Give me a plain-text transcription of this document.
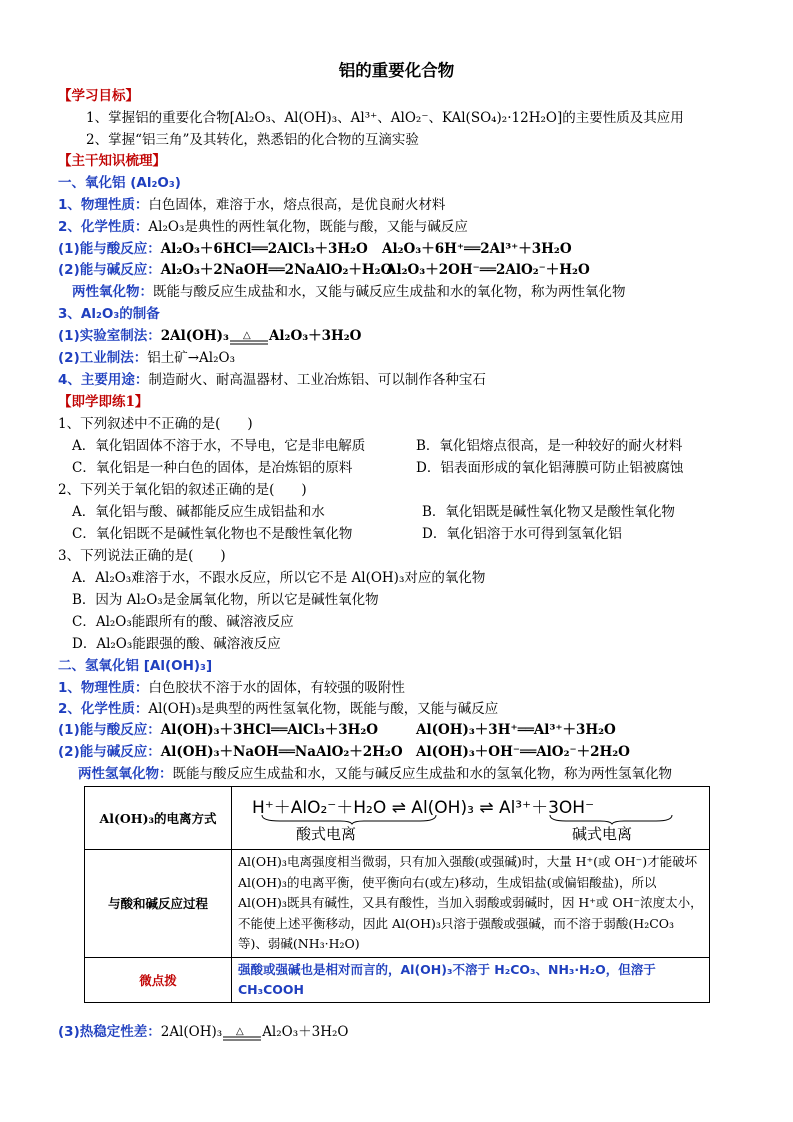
铝的重要化合物
【学习目标】
1、掌握铝的重要化合物[Al₂O₃、Al(OH)₃、Al³⁺、AlO₂⁻、KAl(SO₄)₂·12H₂O]的主要性质及其应用
2、掌握“铝三角”及其转化，熟悉铝的化合物的互滴实验
【主干知识梳理】
一、氧化铝 (Al₂O₃)
1、物理性质：白色固体，难溶于水，熔点很高，是优良耐火材料
2、化学性质：Al₂O₃是典性的两性氧化物，既能与酸，又能与碱反应
(1)能与酸反应：Al₂O₃＋6HCl══2AlCl₃＋3H₂O Al₂O₃＋6H⁺══2Al³⁺＋3H₂O
(2)能与碱反应：Al₂O₃＋2NaOH══2NaAlO₂＋H₂O
Al₂O₃＋2OH⁻══2AlO₂⁻＋H₂O
两性氧化物：既能与酸反应生成盐和水，又能与碱反应生成盐和水的氧化物，称为两性氧化物
3、Al₂O₃的制备
(1)实验室制法：2Al(OH)₃ △ Al₂O₃＋3H₂O
(2)工业制法：铝土矿→Al₂O₃
4、主要用途：制造耐火、耐高温器材、工业冶炼铝、可以制作各种宝石
【即学即练1】
1、下列叙述中不正确的是(　　)
A．氧化铝固体不溶于水，不导电，它是非电解质	B．氧化铝熔点很高，是一种较好的耐火材料
C．氧化铝是一种白色的固体，是冶炼铝的原料	D．铝表面形成的氧化铝薄膜可防止铝被腐蚀
2、下列关于氧化铝的叙述正确的是(　　)
A．氧化铝与酸、碱都能反应生成铝盐和水	B．氧化铝既是碱性氧化物又是酸性氧化物
C．氧化铝既不是碱性氧化物也不是酸性氧化物	D．氧化铝溶于水可得到氢氧化铝
3、下列说法正确的是(　　)
A．Al₂O₃难溶于水，不跟水反应，所以它不是 Al(OH)₃对应的氧化物
B．因为 Al₂O₃是金属氧化物，所以它是碱性氧化物
C．Al₂O₃能跟所有的酸、碱溶液反应
D．Al₂O₃能跟强的酸、碱溶液反应
二、氢氧化铝 [Al(OH)₃]
1、物理性质：白色胶状不溶于水的固体，有较强的吸附性
2、化学性质：Al(OH)₃是典型的两性氢氧化物，既能与酸，又能与碱反应
(1)能与酸反应：Al(OH)₃＋3HCl══AlCl₃＋3H₂O	Al(OH)₃＋3H⁺══Al³⁺＋3H₂O
(2)能与碱反应：Al(OH)₃＋NaOH══NaAlO₂＋2H₂O Al(OH)₃＋OH⁻══AlO₂⁻＋2H₂O
两性氢氧化物：既能与酸反应生成盐和水，又能与碱反应生成盐和水的氢氧化物，称为两性氢氧化物
Al(OH)₃的电离方式	H⁺＋AlO₂⁻＋H₂O ⇌ Al(OH)₃ ⇌ Al³⁺＋3OH⁻
酸式电离 碱式电离

与酸和碱反应过程	Al(OH)₃电离强度相当微弱，只有加入强酸(或强碱)时，大量 H⁺(或 OH⁻)才能破坏 Al(OH)₃的电离平衡，使平衡向右(或左)移动，生成铝盐(或偏铝酸盐)，所以 Al(OH)₃既具有碱性，又具有酸性，当加入弱酸或弱碱时，因 H⁺或 OH⁻浓度太小，不能使上述平衡移动，因此 Al(OH)₃只溶于强酸或强碱，而不溶于弱酸(H₂CO₃等)、弱碱(NH₃·H₂O)
微点拨	强酸或强碱也是相对而言的，Al(OH)₃不溶于 H₂CO₃、NH₃·H₂O，但溶于CH₃COOH
(3)热稳定性差：2Al(OH)₃ △ Al₂O₃＋3H₂O
